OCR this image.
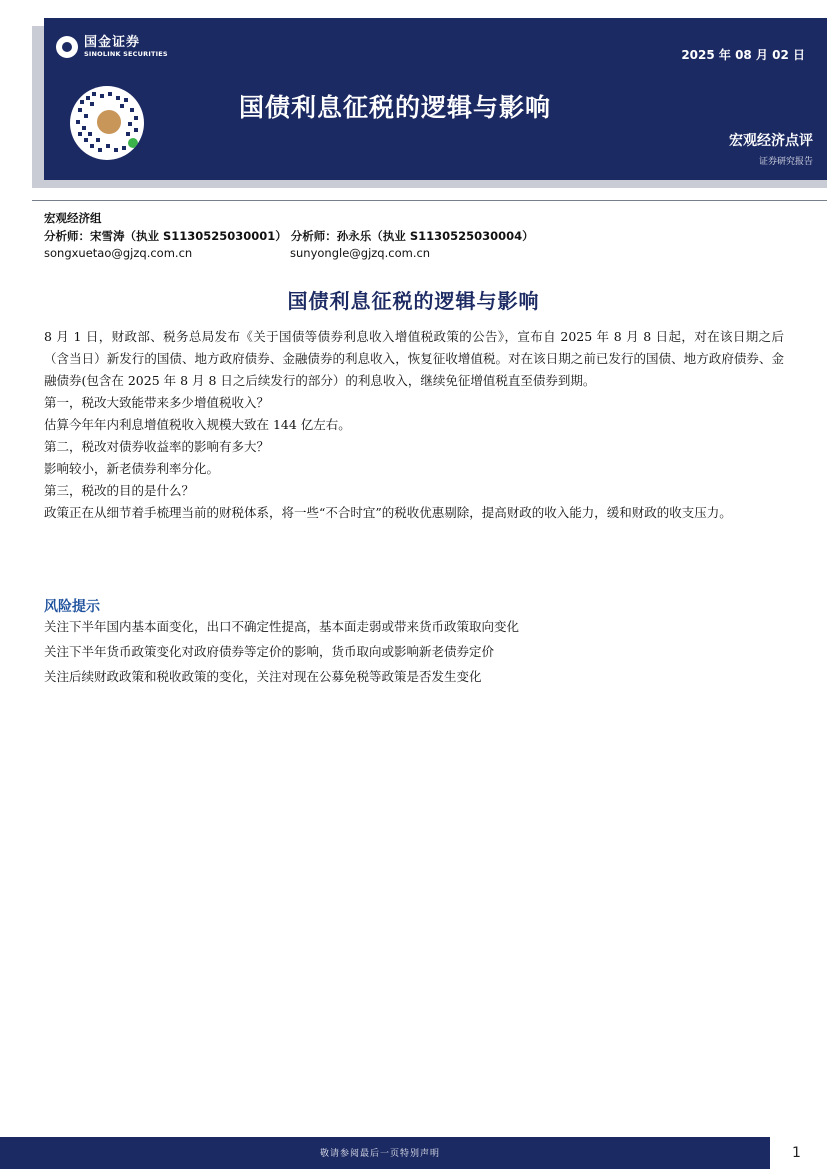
国金证券
SINOLINK SECURITIES	2025 年 08 月 02 日
国债利息征税的逻辑与影响
宏观经济点评
证券研究报告
宏观经济组
分析师：宋雪涛（执业 S1130525030001） 分析师：孙永乐（执业 S1130525030004）
songxuetao@gjzq.com.cn	sunyongle@gjzq.com.cn
国债利息征税的逻辑与影响

8 月 1 日，财政部、税务总局发布《关于国债等债券利息收入增值税政策的公告》，宣布自 2025 年 8 月 8 日起，对在该日期之后（含当日）新发行的国债、地方政府债券、金融债券的利息收入，恢复征收增值税。对在该日期之前已发行的国债、地方政府债券、金融债券(包含在 2025 年 8 月 8 日之后续发行的部分）的利息收入，继续免征增值税直至债券到期。

第一，税改大致能带来多少增值税收入？

估算今年年内利息增值税收入规模大致在 144 亿左右。

第二，税改对债券收益率的影响有多大？

影响较小，新老债券利率分化。

第三，税改的目的是什么？

政策正在从细节着手梳理当前的财税体系，将一些“不合时宜”的税收优惠剔除，提高财政的收入能力，缓和财政的收支压力。

风险提示

关注下半年国内基本面变化，出口不确定性提高，基本面走弱或带来货币政策取向变化

关注下半年货币政策变化对政府债券等定价的影响，货币取向或影响新老债券定价

关注后续财政政策和税收政策的变化，关注对现在公募免税等政策是否发生变化

敬请参阅最后一页特别声明	1
